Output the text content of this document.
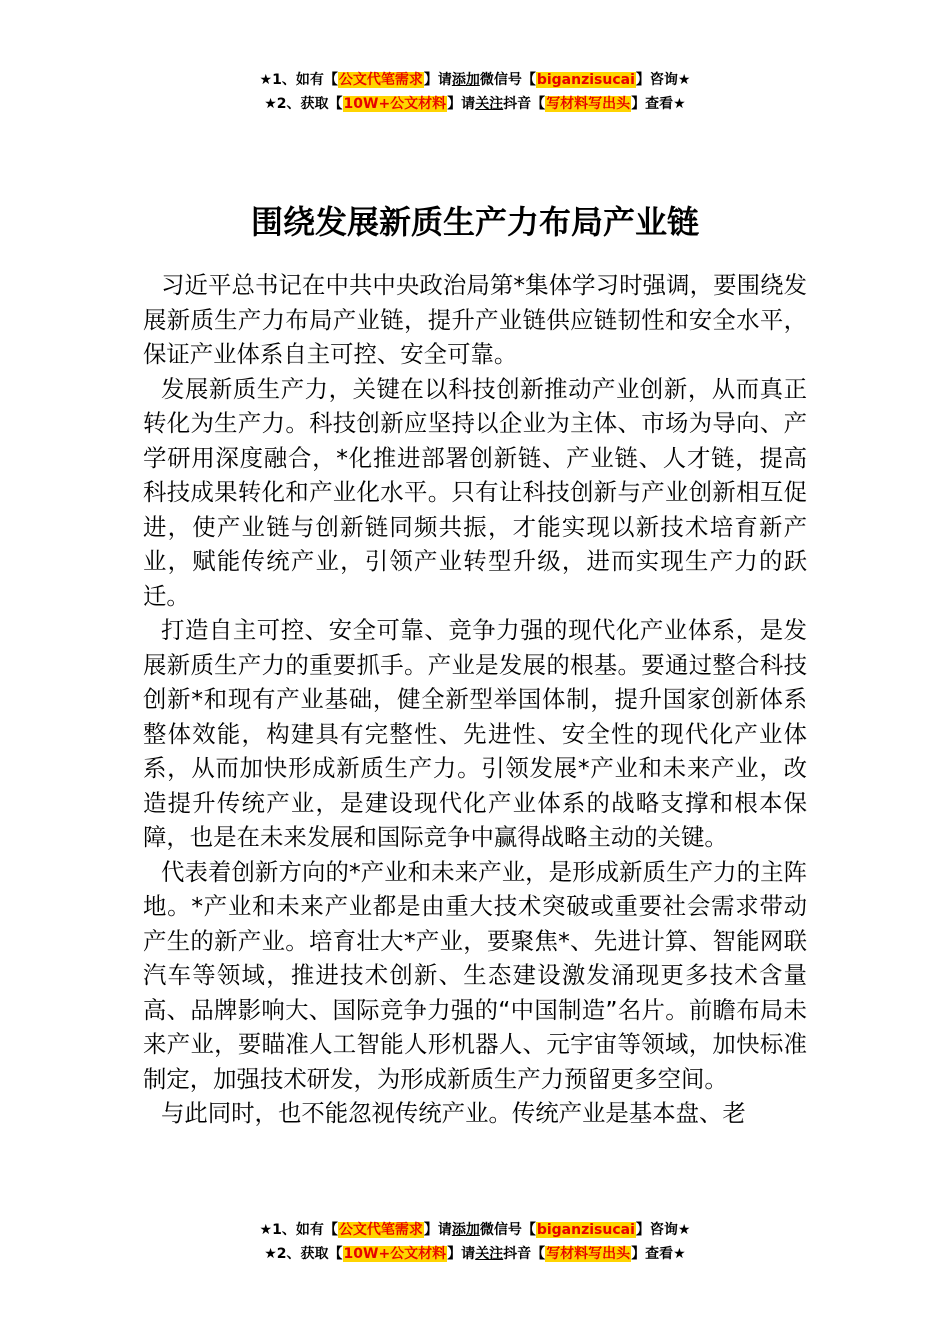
★1、如有【公文代笔需求】请添加微信号【biganzisucai】咨询★
★2、获取【10W+公文材料】请关注抖音【写材料写出头】查看★
围绕发展新质生产力布局产业链

习近平总书记在中共中央政治局第*集体学习时强调，要围绕发展新质生产力布局产业链，提升产业链供应链韧性和安全水平，保证产业体系自主可控、安全可靠。

发展新质生产力，关键在以科技创新推动产业创新，从而真正转化为生产力。科技创新应坚持以企业为主体、市场为导向、产学研用深度融合，*化推进部署创新链、产业链、人才链，提高科技成果转化和产业化水平。只有让科技创新与产业创新相互促进，使产业链与创新链同频共振，才能实现以新技术培育新产业，赋能传统产业，引领产业转型升级，进而实现生产力的跃迁。

打造自主可控、安全可靠、竞争力强的现代化产业体系，是发展新质生产力的重要抓手。产业是发展的根基。要通过整合科技创新*和现有产业基础，健全新型举国体制，提升国家创新体系整体效能，构建具有完整性、先进性、安全性的现代化产业体系，从而加快形成新质生产力。引领发展*产业和未来产业，改造提升传统产业，是建设现代化产业体系的战略支撑和根本保障，也是在未来发展和国际竞争中赢得战略主动的关键。

代表着创新方向的*产业和未来产业，是形成新质生产力的主阵地。*产业和未来产业都是由重大技术突破或重要社会需求带动产生的新产业。培育壮大*产业，要聚焦*、先进计算、智能网联汽车等领域，推进技术创新、生态建设激发涌现更多技术含量高、品牌影响大、国际竞争力强的“中国制造”名片。前瞻布局未来产业，要瞄准人工智能人形机器人、元宇宙等领域，加快标准制定，加强技术研发，为形成新质生产力预留更多空间。

与此同时，也不能忽视传统产业。传统产业是基本盘、老

★1、如有【公文代笔需求】请添加微信号【biganzisucai】咨询★
★2、获取【10W+公文材料】请关注抖音【写材料写出头】查看★
